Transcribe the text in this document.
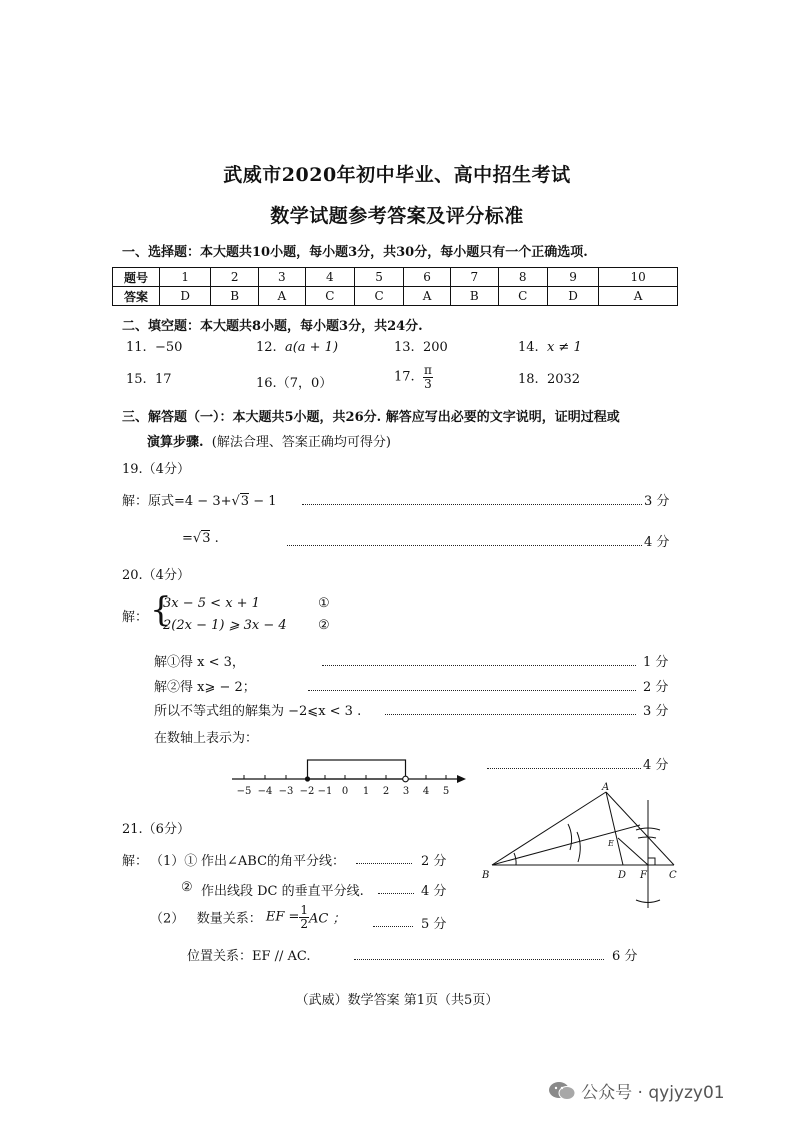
武威市2020年初中毕业、高中招生考试
数学试题参考答案及评分标准
一、选择题：本大题共10小题，每小题3分，共30分，每小题只有一个正确选项.
题号	1	2	3	4	5	6	7	8	9	10
答案	D	B	A	C	C	A	B	C	D	A
二、填空题：本大题共8小题，每小题3分，共24分.
11. −50	12. a(a + 1)	13. 200	14. x ≠ 1
15. 17	16.（7，0）	17. $\frac{\pi}{3}$	18. 2032
三、解答题（一）：本大题共5小题，共26分. 解答应写出必要的文字说明，证明过程或
演算步骤. (解法合理、答案正确均可得分)
19.（4分）
解：原式=4 − 3+√3 − 1	3 分
=√3 .	4 分
20.（4分）
解： {
3x − 5 < x + 1
2(2x − 1) ⩾ 3x − 4
①
②
解①得 x < 3，	1 分
解②得 x⩾ − 2；	2 分
所以不等式组的解集为 −2⩽x < 3 .	3 分
在数轴上表示为：
4 分
−5 −4 −3 −2 −1 0 1 2 3 4 5
21.（6分）
解： （1）① 作出∠ABC的角平分线：	2 分
② 作出线段 DC 的垂直平分线.	4 分
（2） 数量关系： EF = $\frac{1}{2}$ AC ；	5 分
位置关系：EF // AC.	6 分
A
B	C
D
E
F
（武威）数学答案 第1页（共5页）
公众号 · qyjyzy01
